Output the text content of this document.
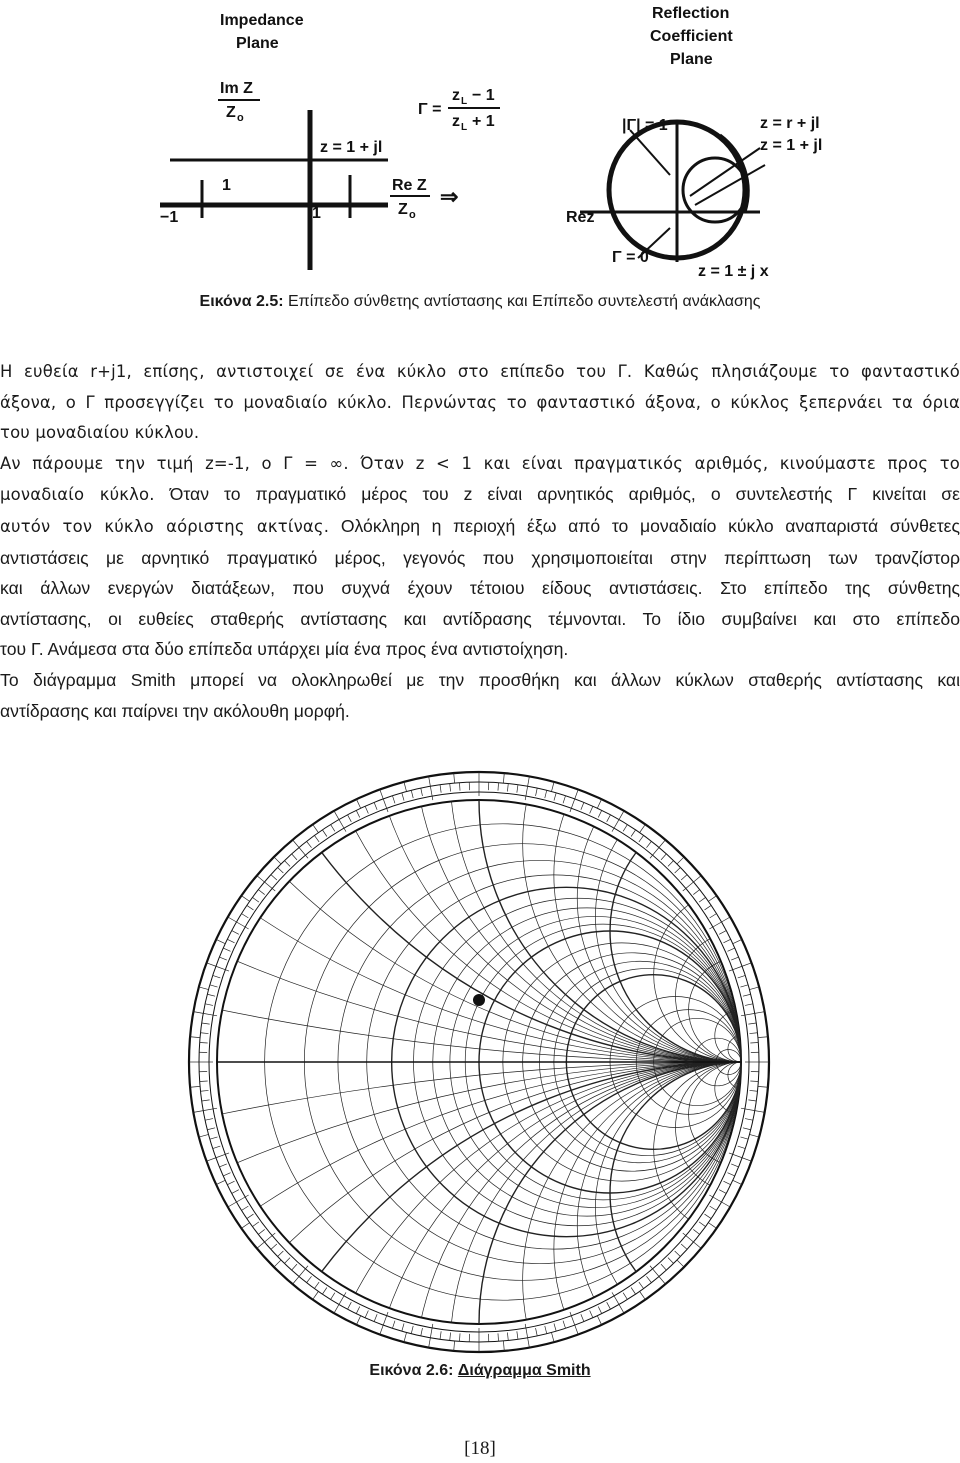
Impedance
Plane
Im Z
Z o
z = 1 + jl
1
1
−1
Re Z
Z o
⇒
Γ =
z L − 1
z L + 1
Reflection
Coefficient
Plane
|Γ| = 1	z = r + jl
z = 1 + jl
Rez
Γ = 0
z = 1 ± j x
Εικόνα 2.5: Επίπεδο σύνθετης αντίστασης και Επίπεδο συντελεστή ανάκλασης
Η ευθεία r+j1, επίσης, αντιστοιχεί σε ένα κύκλο στο επίπεδο του Γ. Καθώς πλησιάζουμε το φανταστικό
άξονα, ο Γ προσεγγίζει το μοναδιαίο κύκλο. Περνώντας το φανταστικό άξονα, ο κύκλος ξεπερνάει τα όρια
του μοναδιαίου κύκλου.
Αν πάρουμε την τιμή z=-1, ο Γ = ∞. Όταν z < 1 και είναι πραγματικός αριθμός, κινούμαστε προς το
μοναδιαίο κύκλο. Όταν το πραγματικό μέρος του z είναι αρνητικός αριθμός, ο συντελεστής Γ κινείται σε
αυτόν τον κύκλο αόριστης ακτίνας. Ολόκληρη η περιοχή έξω από το μοναδιαίο κύκλο αναπαριστά σύνθετες
αντιστάσεις με αρνητικό πραγματικό μέρος, γεγονός που χρησιμοποιείται στην περίπτωση των τρανζίστορ
και άλλων ενεργών διατάξεων, που συχνά έχουν τέτοιου είδους αντιστάσεις. Στο επίπεδο της σύνθετης
αντίστασης, οι ευθείες σταθερής αντίστασης και αντίδρασης τέμνονται. Το ίδιο συμβαίνει και στο επίπεδο
του Γ. Ανάμεσα στα δύο επίπεδα υπάρχει μία ένα προς ένα αντιστοίχηση.
Το διάγραμμα Smith μπορεί να ολοκληρωθεί με την προσθήκη και άλλων κύκλων σταθερής αντίστασης και
αντίδρασης και παίρνει την ακόλουθη μορφή.
Εικόνα 2.6: Διάγραμμα Smith
[18]
